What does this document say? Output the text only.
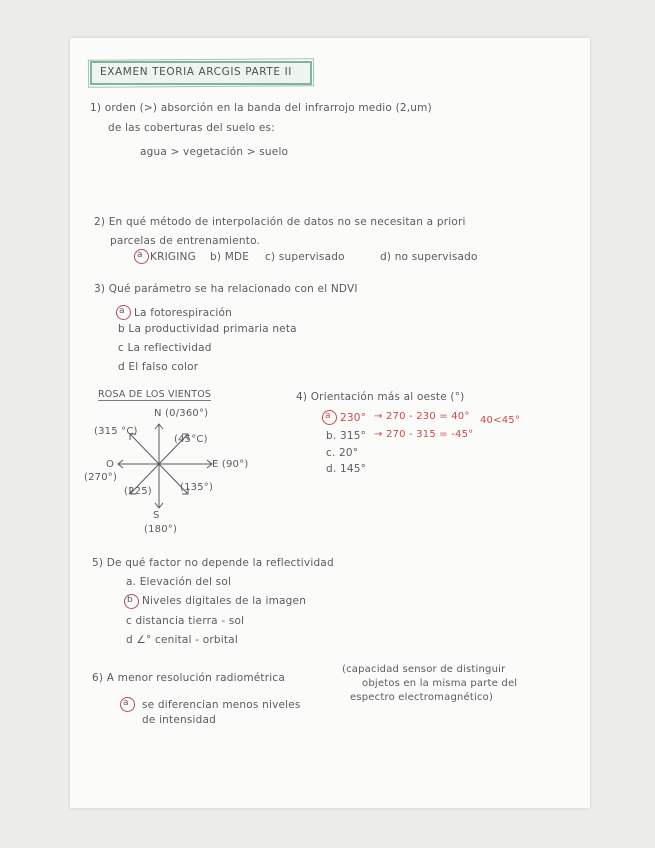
EXAMEN TEORIA ARCGIS PARTE II
1) orden (>) absorción en la banda del infrarrojo medio (2,um)
de las coberturas del suelo es:
agua > vegetación > suelo
2) En qué método de interpolación de datos no se necesitan a priori
parcelas de entrenamiento.
a KRIGING b) MDE c) supervisado	d) no supervisado
3) Qué parámetro se ha relacionado con el NDVI
a La fotorespiración
b La productividad primaria neta
c La reflectividad
d El falso color
ROSA DE LOS VIENTOS
N (0/360°)
(315 °C)
(45°C)
O
(270°)
E (90°)
(225)	(135°)
S
(180°)
4) Orientación más al oeste (°)
a 230° → 270 - 230 = 40° 40<45°
b. 315° → 270 - 315 = -45°
c. 20°
d. 145°
5) De qué factor no depende la reflectividad
a. Elevación del sol
b Niveles digitales de la imagen
c distancia tierra - sol
d ∠° cenital - orbital
6) A menor resolución radiométrica
(capacidad sensor de distinguir
objetos en la misma parte del
espectro electromagnético)
a se diferencian menos niveles
de intensidad
